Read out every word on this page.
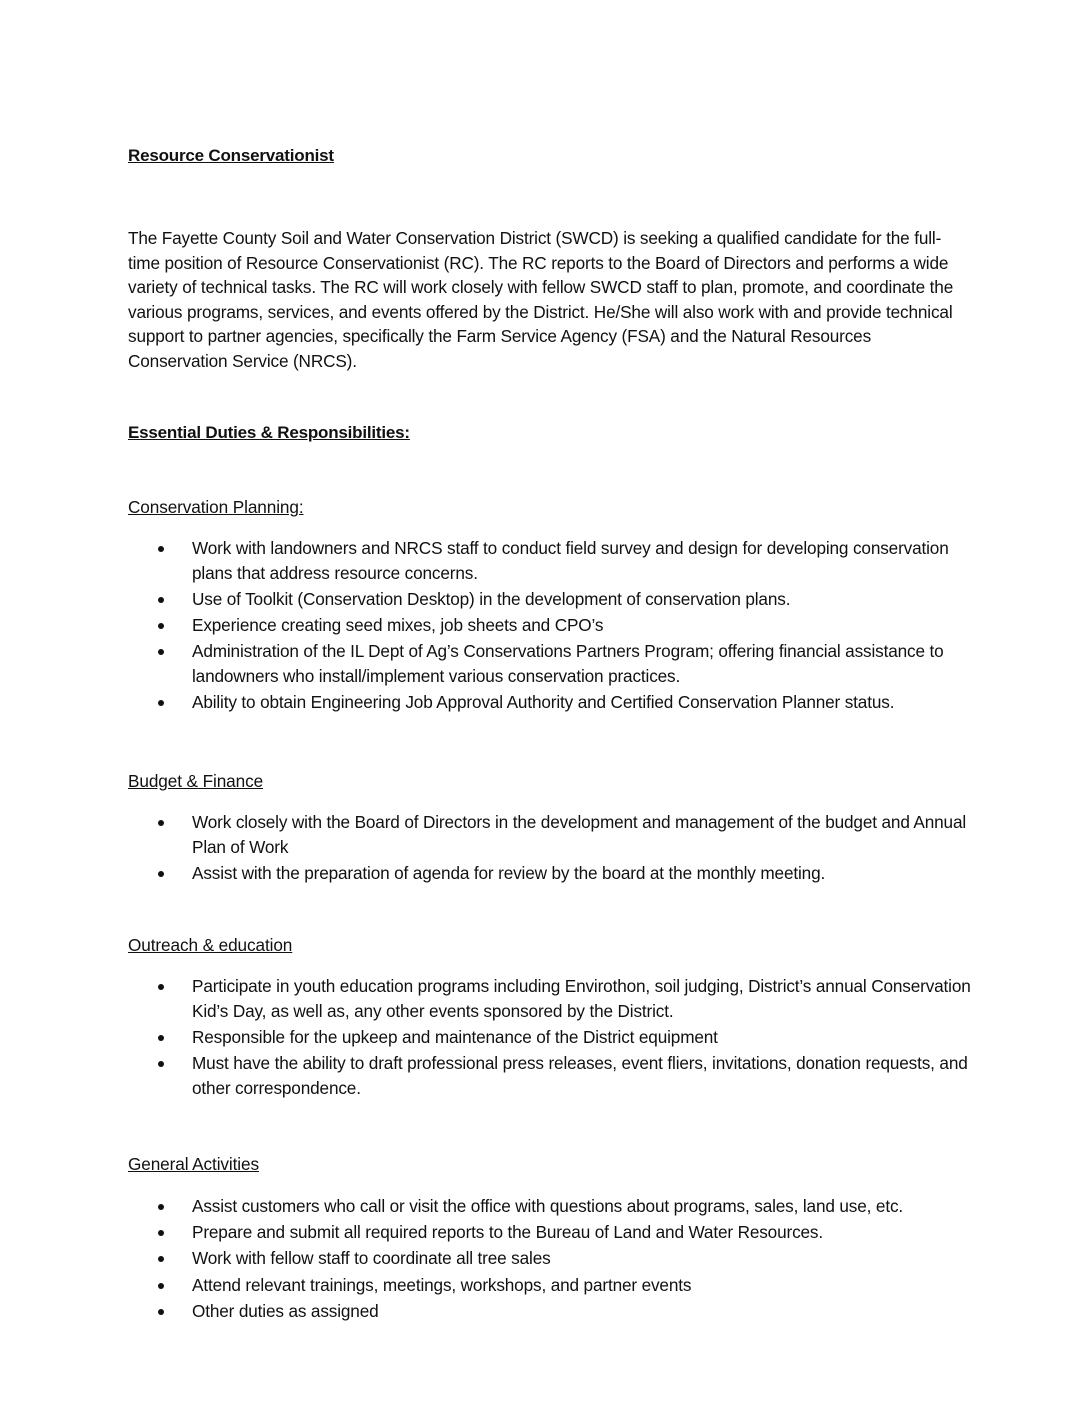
Resource Conservationist
The Fayette County Soil and Water Conservation District (SWCD) is seeking a qualified candidate for the full-time position of Resource Conservationist (RC). The RC reports to the Board of Directors and performs a wide variety of technical tasks. The RC will work closely with fellow SWCD staff to plan, promote, and coordinate the various programs, services, and events offered by the District. He/She will also work with and provide technical support to partner agencies, specifically the Farm Service Agency (FSA) and the Natural Resources Conservation Service (NRCS).
Essential Duties & Responsibilities:
Conservation Planning:
Work with landowners and NRCS staff to conduct field survey and design for developing conservation plans that address resource concerns.
Use of Toolkit (Conservation Desktop) in the development of conservation plans.
Experience creating seed mixes, job sheets and CPO’s
Administration of the IL Dept of Ag’s Conservations Partners Program; offering financial assistance to landowners who install/implement various conservation practices.
Ability to obtain Engineering Job Approval Authority and Certified Conservation Planner status.
Budget & Finance
Work closely with the Board of Directors in the development and management of the budget and Annual Plan of Work
Assist with the preparation of agenda for review by the board at the monthly meeting.
Outreach & education
Participate in youth education programs including Envirothon, soil judging, District’s annual Conservation Kid’s Day, as well as, any other events sponsored by the District.
Responsible for the upkeep and maintenance of the District equipment
Must have the ability to draft professional press releases, event fliers, invitations, donation requests, and other correspondence.
General Activities
Assist customers who call or visit the office with questions about programs, sales, land use, etc.
Prepare and submit all required reports to the Bureau of Land and Water Resources.
Work with fellow staff to coordinate all tree sales
Attend relevant trainings, meetings, workshops, and partner events
Other duties as assigned
